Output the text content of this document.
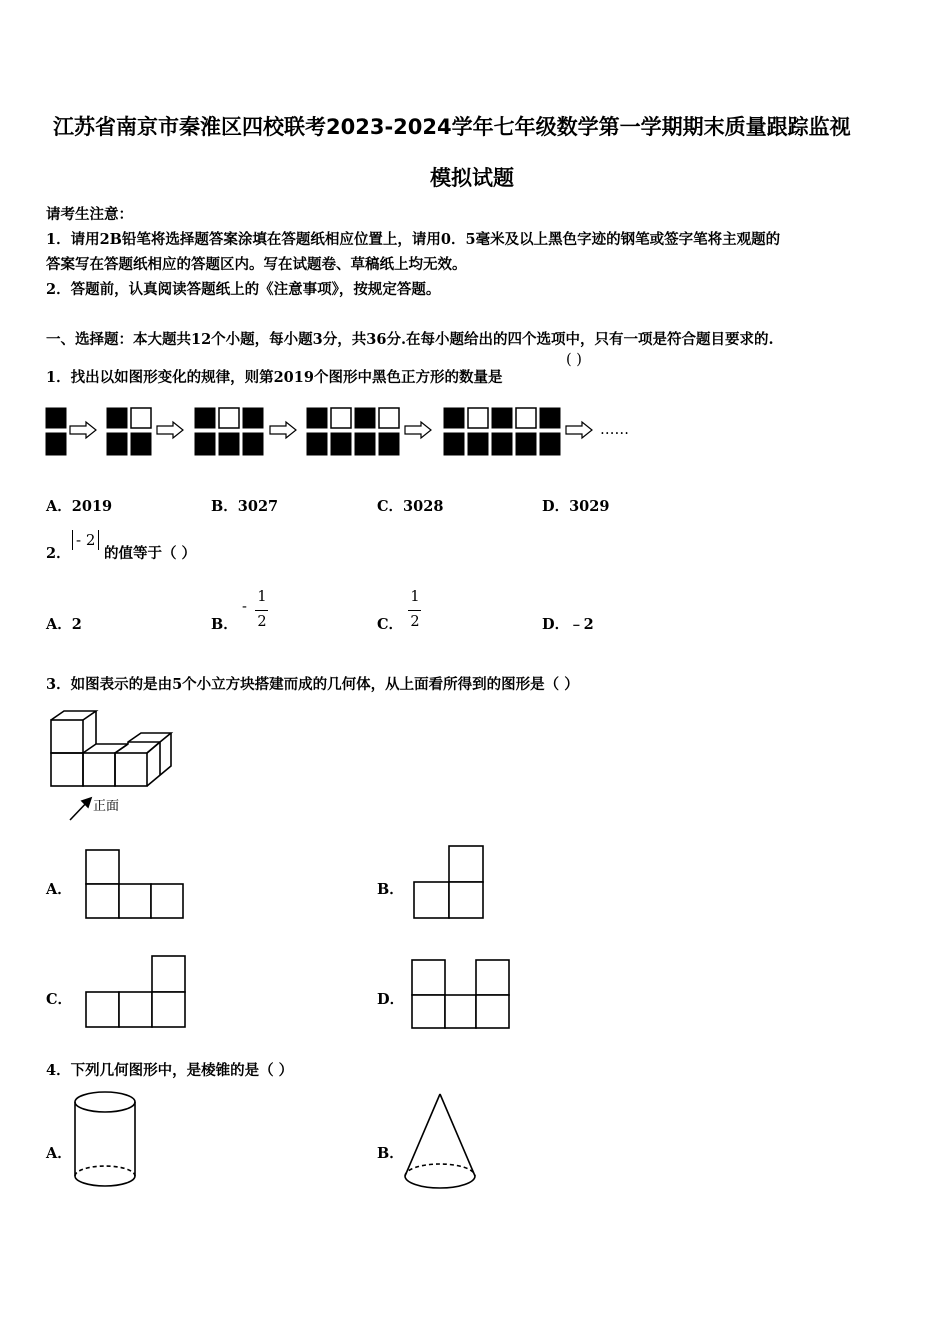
江苏省南京市秦淮区四校联考2023-2024学年七年级数学第一学期期末质量跟踪监视
模拟试题
请考生注意：
1．请用2B铅笔将选择题答案涂填在答题纸相应位置上，请用0．5毫米及以上黑色字迹的钢笔或签字笔将主观题的
答案写在答题纸相应的答题区内。写在试题卷、草稿纸上均无效。
2．答题前，认真阅读答题纸上的《注意事项》，按规定答题。
一、选择题：本大题共12个小题，每小题3分，共36分.在每小题给出的四个选项中，只有一项是符合题目要求的.
1．找出以如图形变化的规律，则第2019个图形中黑色正方形的数量是
( )
……
A．2019	B．3027	C．3028	D．3029
2．
- 2
的值等于（ ）
A．2	B．
-
1
2	C．
1
2	D．﹣2
3．如图表示的是由5个小立方块搭建而成的几何体，从上面看所得到的图形是（ ）
正面
A．	B．
C．	D．
4．下列几何图形中，是棱锥的是（ ）
A．	B．
